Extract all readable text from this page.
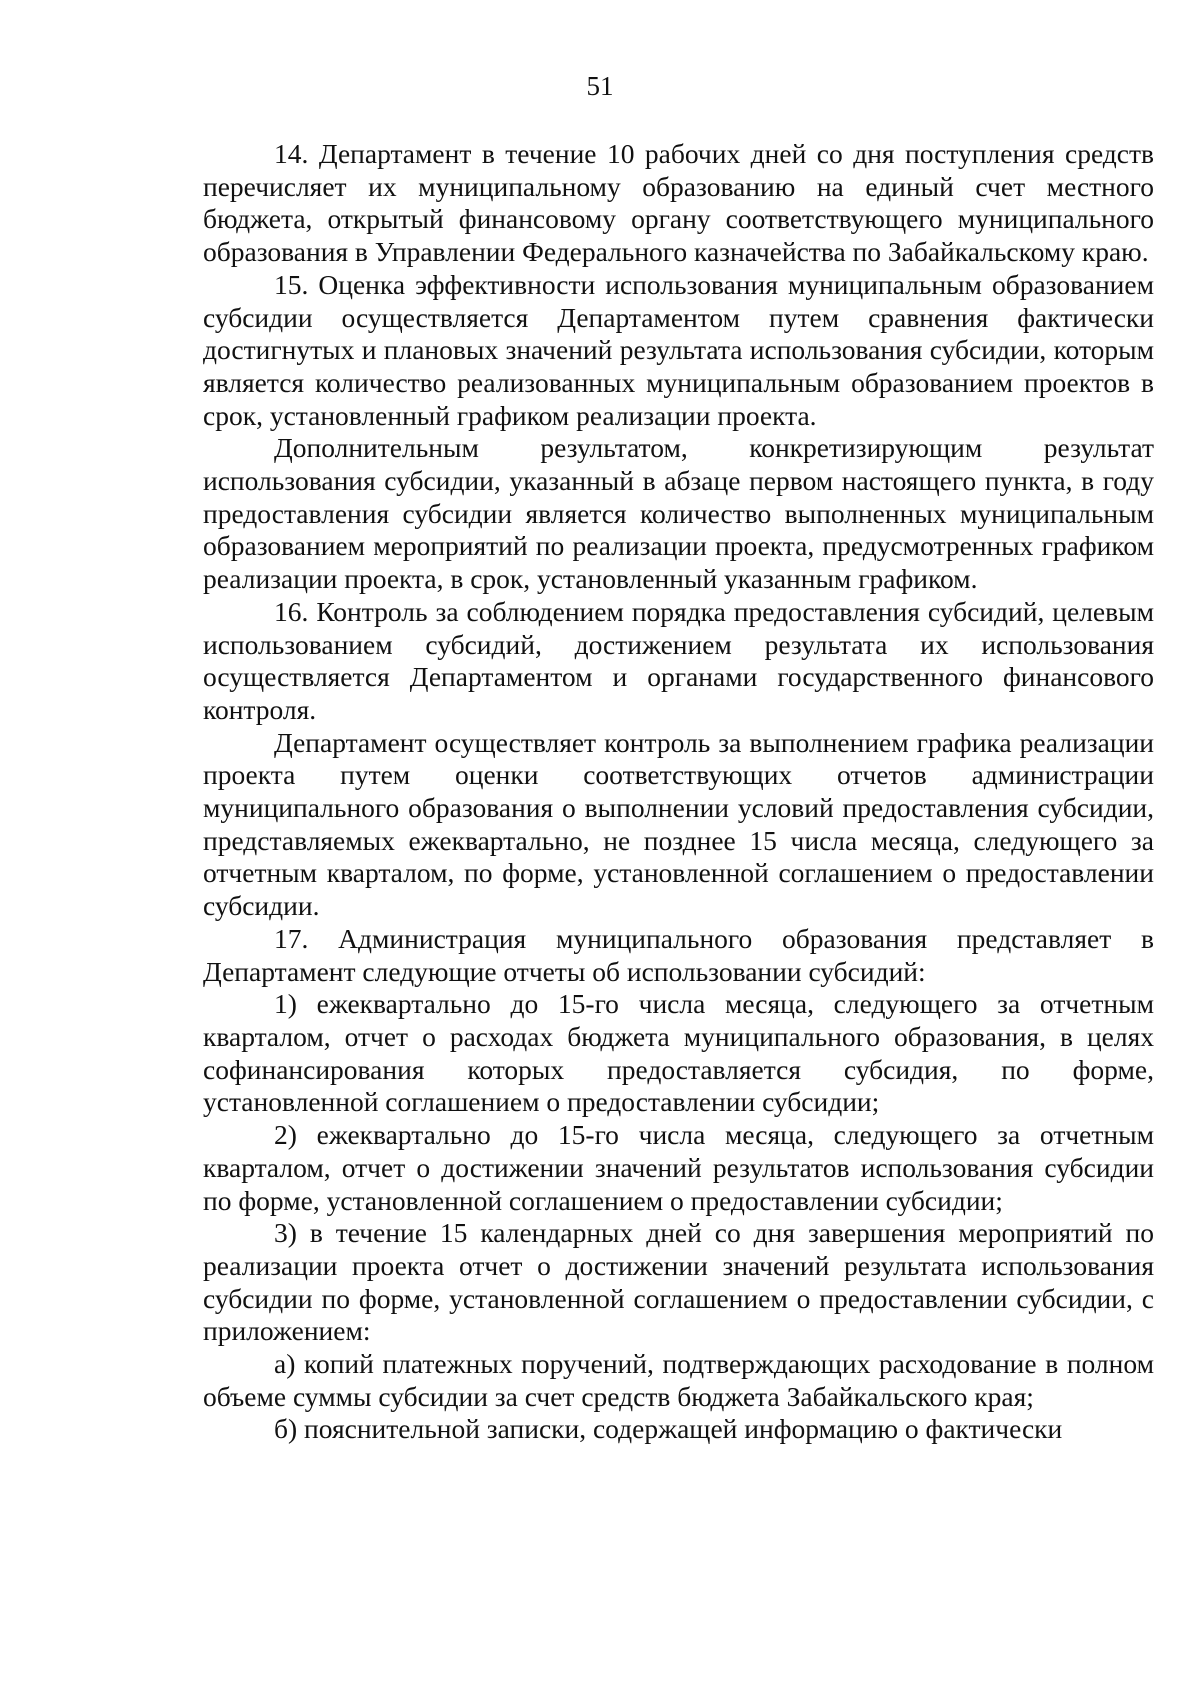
51

14. Департамент в течение 10 рабочих дней со дня поступления средств перечисляет их муниципальному образованию на единый счет местного бюджета, открытый финансовому органу соответствующего муниципального образования в Управлении Федерального казначейства по Забайкальскому краю.

15. Оценка эффективности использования муниципальным образованием субсидии осуществляется Департаментом путем сравнения фактически достигнутых и плановых значений результата использования субсидии, которым является количество реализованных муниципальным образованием проектов в срок, установленный графиком реализации проекта.

Дополнительным результатом, конкретизирующим результат использования субсидии, указанный в абзаце первом настоящего пункта, в году предоставления субсидии является количество выполненных муниципальным образованием мероприятий по реализации проекта, предусмотренных графиком реализации проекта, в срок, установленный указанным графиком.

16. Контроль за соблюдением порядка предоставления субсидий, целевым использованием субсидий, достижением результата их использования осуществляется Департаментом и органами государственного финансового контроля.

Департамент осуществляет контроль за выполнением графика реализации проекта путем оценки соответствующих отчетов администрации муниципального образования о выполнении условий предоставления субсидии, представляемых ежеквартально, не позднее 15 числа месяца, следующего за отчетным кварталом, по форме, установленной соглашением о предоставлении субсидии.

17. Администрация муниципального образования представляет в Департамент следующие отчеты об использовании субсидий:

1) ежеквартально до 15-го числа месяца, следующего за отчетным кварталом, отчет о расходах бюджета муниципального образования, в целях софинансирования которых предоставляется субсидия, по форме, установленной соглашением о предоставлении субсидии;

2) ежеквартально до 15-го числа месяца, следующего за отчетным кварталом, отчет о достижении значений результатов использования субсидии по форме, установленной соглашением о предоставлении субсидии;

3) в течение 15 календарных дней со дня завершения мероприятий по реализации проекта отчет о достижении значений результата использования субсидии по форме, установленной соглашением о предоставлении субсидии, с приложением:

а) копий платежных поручений, подтверждающих расходование в полном объеме суммы субсидии за счет средств бюджета Забайкальского края;

б) пояснительной записки, содержащей информацию о фактически
